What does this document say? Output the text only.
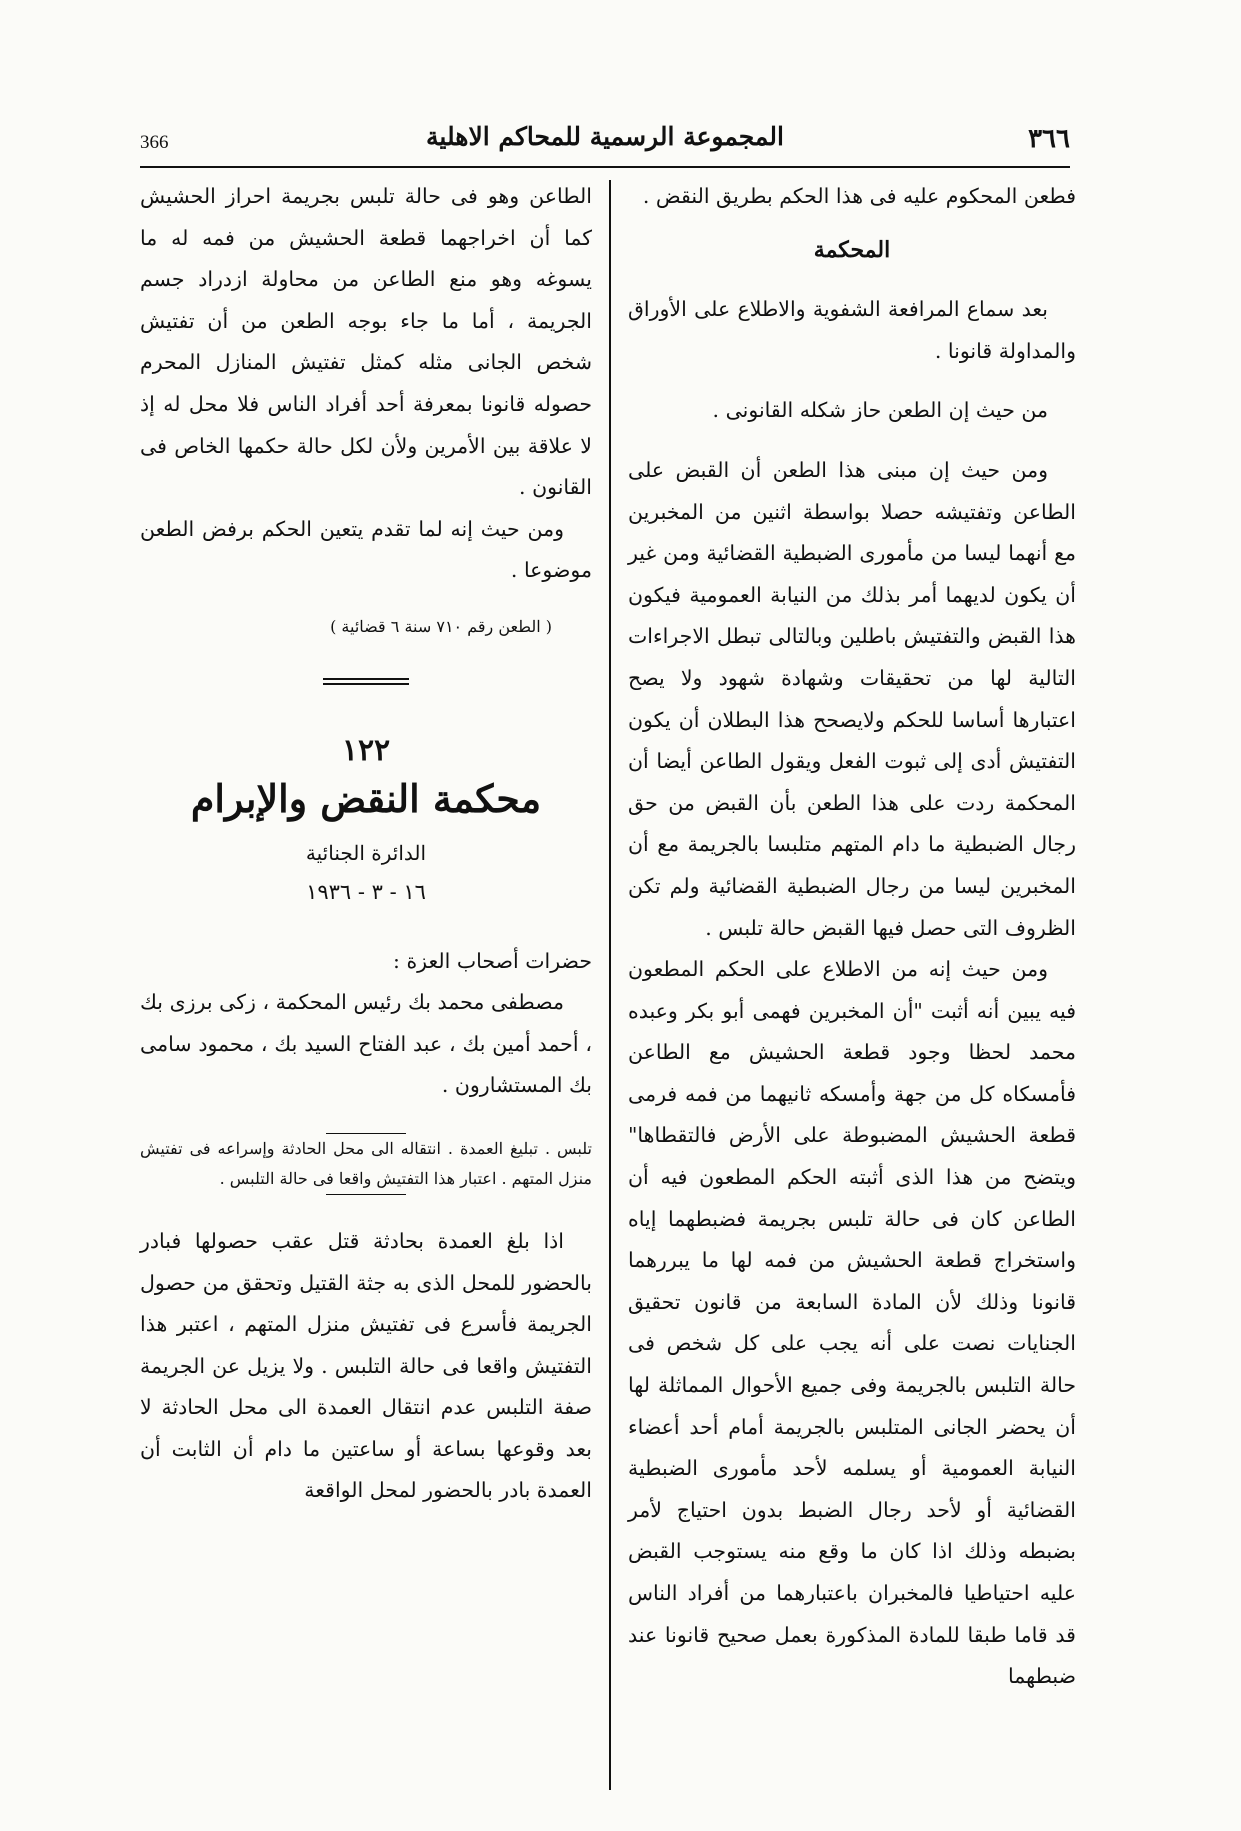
366	المجموعة الرسمية للمحاكم الاهلية	٣٦٦

فطعن المحكوم عليه فى هذا الحكم بطريق النقض .

المحكمة

بعد سماع المرافعة الشفوية والاطلاع على الأوراق والمداولة قانونا .

من حيث إن الطعن حاز شكله القانونى .

ومن حيث إن مبنى هذا الطعن أن القبض على الطاعن وتفتيشه حصلا بواسطة اثنين من المخبرين مع أنهما ليسا من مأمورى الضبطية القضائية ومن غير أن يكون لديهما أمر بذلك من النيابة العمومية فيكون هذا القبض والتفتيش باطلين وبالتالى تبطل الاجراءات التالية لها من تحقيقات وشهادة شهود ولا يصح اعتبارها أساسا للحكم ولايصحح هذا البطلان أن يكون التفتيش أدى إلى ثبوت الفعل ويقول الطاعن أيضا أن المحكمة ردت على هذا الطعن بأن القبض من حق رجال الضبطية ما دام المتهم متلبسا بالجريمة مع أن المخبرين ليسا من رجال الضبطية القضائية ولم تكن الظروف التى حصل فيها القبض حالة تلبس .

ومن حيث إنه من الاطلاع على الحكم المطعون فيه يبين أنه أثبت "أن المخبرين فهمى أبو بكر وعبده محمد لحظا وجود قطعة الحشيش مع الطاعن فأمسكاه كل من جهة وأمسكه ثانيهما من فمه فرمى قطعة الحشيش المضبوطة على الأرض فالتقطاها" ويتضح من هذا الذى أثبته الحكم المطعون فيه أن الطاعن كان فى حالة تلبس بجريمة فضبطهما إياه واستخراج قطعة الحشيش من فمه لها ما يبررهما قانونا وذلك لأن المادة السابعة من قانون تحقيق الجنايات نصت على أنه يجب على كل شخص فى حالة التلبس بالجريمة وفى جميع الأحوال المماثلة لها أن يحضر الجانى المتلبس بالجريمة أمام أحد أعضاء النيابة العمومية أو يسلمه لأحد مأمورى الضبطية القضائية أو لأحد رجال الضبط بدون احتياج لأمر بضبطه وذلك اذا كان ما وقع منه يستوجب القبض عليه احتياطيا فالمخبران باعتبارهما من أفراد الناس قد قاما طبقا للمادة المذكورة بعمل صحيح قانونا عند ضبطهما

الطاعن وهو فى حالة تلبس بجريمة احراز الحشيش كما أن اخراجهما قطعة الحشيش من فمه له ما يسوغه وهو منع الطاعن من محاولة ازدراد جسم الجريمة ، أما ما جاء بوجه الطعن من أن تفتيش شخص الجانى مثله كمثل تفتيش المنازل المحرم حصوله قانونا بمعرفة أحد أفراد الناس فلا محل له إذ لا علاقة بين الأمرين ولأن لكل حالة حكمها الخاص فى القانون .

ومن حيث إنه لما تقدم يتعين الحكم برفض الطعن موضوعا .

( الطعن رقم ٧١٠ سنة ٦ قضائية )
١٢٢
محكمة النقض والإبرام
الدائرة الجنائية
١٦ - ٣ - ١٩٣٦

حضرات أصحاب العزة :

مصطفى محمد بك رئيس المحكمة ، زكى برزى بك ، أحمد أمين بك ، عبد الفتاح السيد بك ، محمود سامى بك المستشارون .

تلبس . تبليغ العمدة . انتقاله الى محل الحادثة وإسراعه فى تفتيش منزل المتهم . اعتبار هذا التفتيش واقعا فى حالة التلبس .

اذا بلغ العمدة بحادثة قتل عقب حصولها فبادر بالحضور للمحل الذى به جثة القتيل وتحقق من حصول الجريمة فأسرع فى تفتيش منزل المتهم ، اعتبر هذا التفتيش واقعا فى حالة التلبس . ولا يزيل عن الجريمة صفة التلبس عدم انتقال العمدة الى محل الحادثة لا بعد وقوعها بساعة أو ساعتين ما دام أن الثابت أن العمدة بادر بالحضور لمحل الواقعة
